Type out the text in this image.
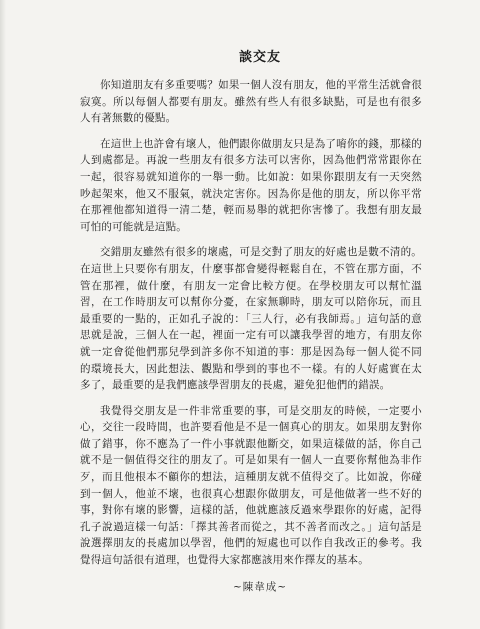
談交友

你知道朋友有多重要嗎？如果一個人沒有朋友，他的平常生活就會很寂寞。所以每個人都要有朋友。雖然有些人有很多缺點，可是也有很多人有著無數的優點。

在這世上也許會有壞人，他們跟你做朋友只是為了唷你的錢，那樣的人到處都是。再說一些朋友有很多方法可以害你，因為他們常常跟你在一起，很容易就知道你的一舉一動。比如說：如果你跟朋友有一天突然吵起架來，他又不服氣，就決定害你。因為你是他的朋友，所以你平常在那裡他都知道得一清二楚，輕而易舉的就把你害慘了。我想有朋友最可怕的可能就是這點。

交錯朋友雖然有很多的壞處，可是交對了朋友的好處也是數不清的。在這世上只要你有朋友，什麼事都會變得輕鬆自在，不管在那方面，不管在那裡，做什麼，有朋友一定會比較方便。在學校朋友可以幫忙溫習，在工作時朋友可以幫你分憂，在家無聊時，朋友可以陪你玩，而且最重要的一點的，正如孔子說的：「三人行，必有我師焉。」這句話的意思就是說，三個人在一起，裡面一定有可以讓我學習的地方，有朋友你就一定會從他們那兒學到許多你不知道的事：那是因為每一個人從不同的環境長大，因此想法、觀點和學到的事也不一樣。有的人好處實在太多了，最重要的是我們應該學習朋友的長處，避免犯他們的錯誤。

我覺得交朋友是一件非常重要的事，可是交朋友的時候，一定要小心，交往一段時間，也許要看他是不是一個真心的朋友。如果朋友對你做了錯事，你不應為了一件小事就跟他斷交，如果這樣做的話，你自己就不是一個值得交往的朋友了。可是如果有一個人一直要你幫他為非作歹，而且他根本不顧你的想法，這種朋友就不值得交了。比如說，你碰到一個人，他並不壞，也很真心想跟你做朋友，可是他做著一些不好的事，對你有壞的影響，這樣的話，他就應該反過來學跟你的好處，記得孔子說過這樣一句話：「擇其善者而從之，其不善者而改之。」這句話是說選擇朋友的長處加以學習，他們的短處也可以作自我改正的參考。我覺得這句話很有道理，也覺得大家都應該用來作擇友的基本。

~陳韋成~
